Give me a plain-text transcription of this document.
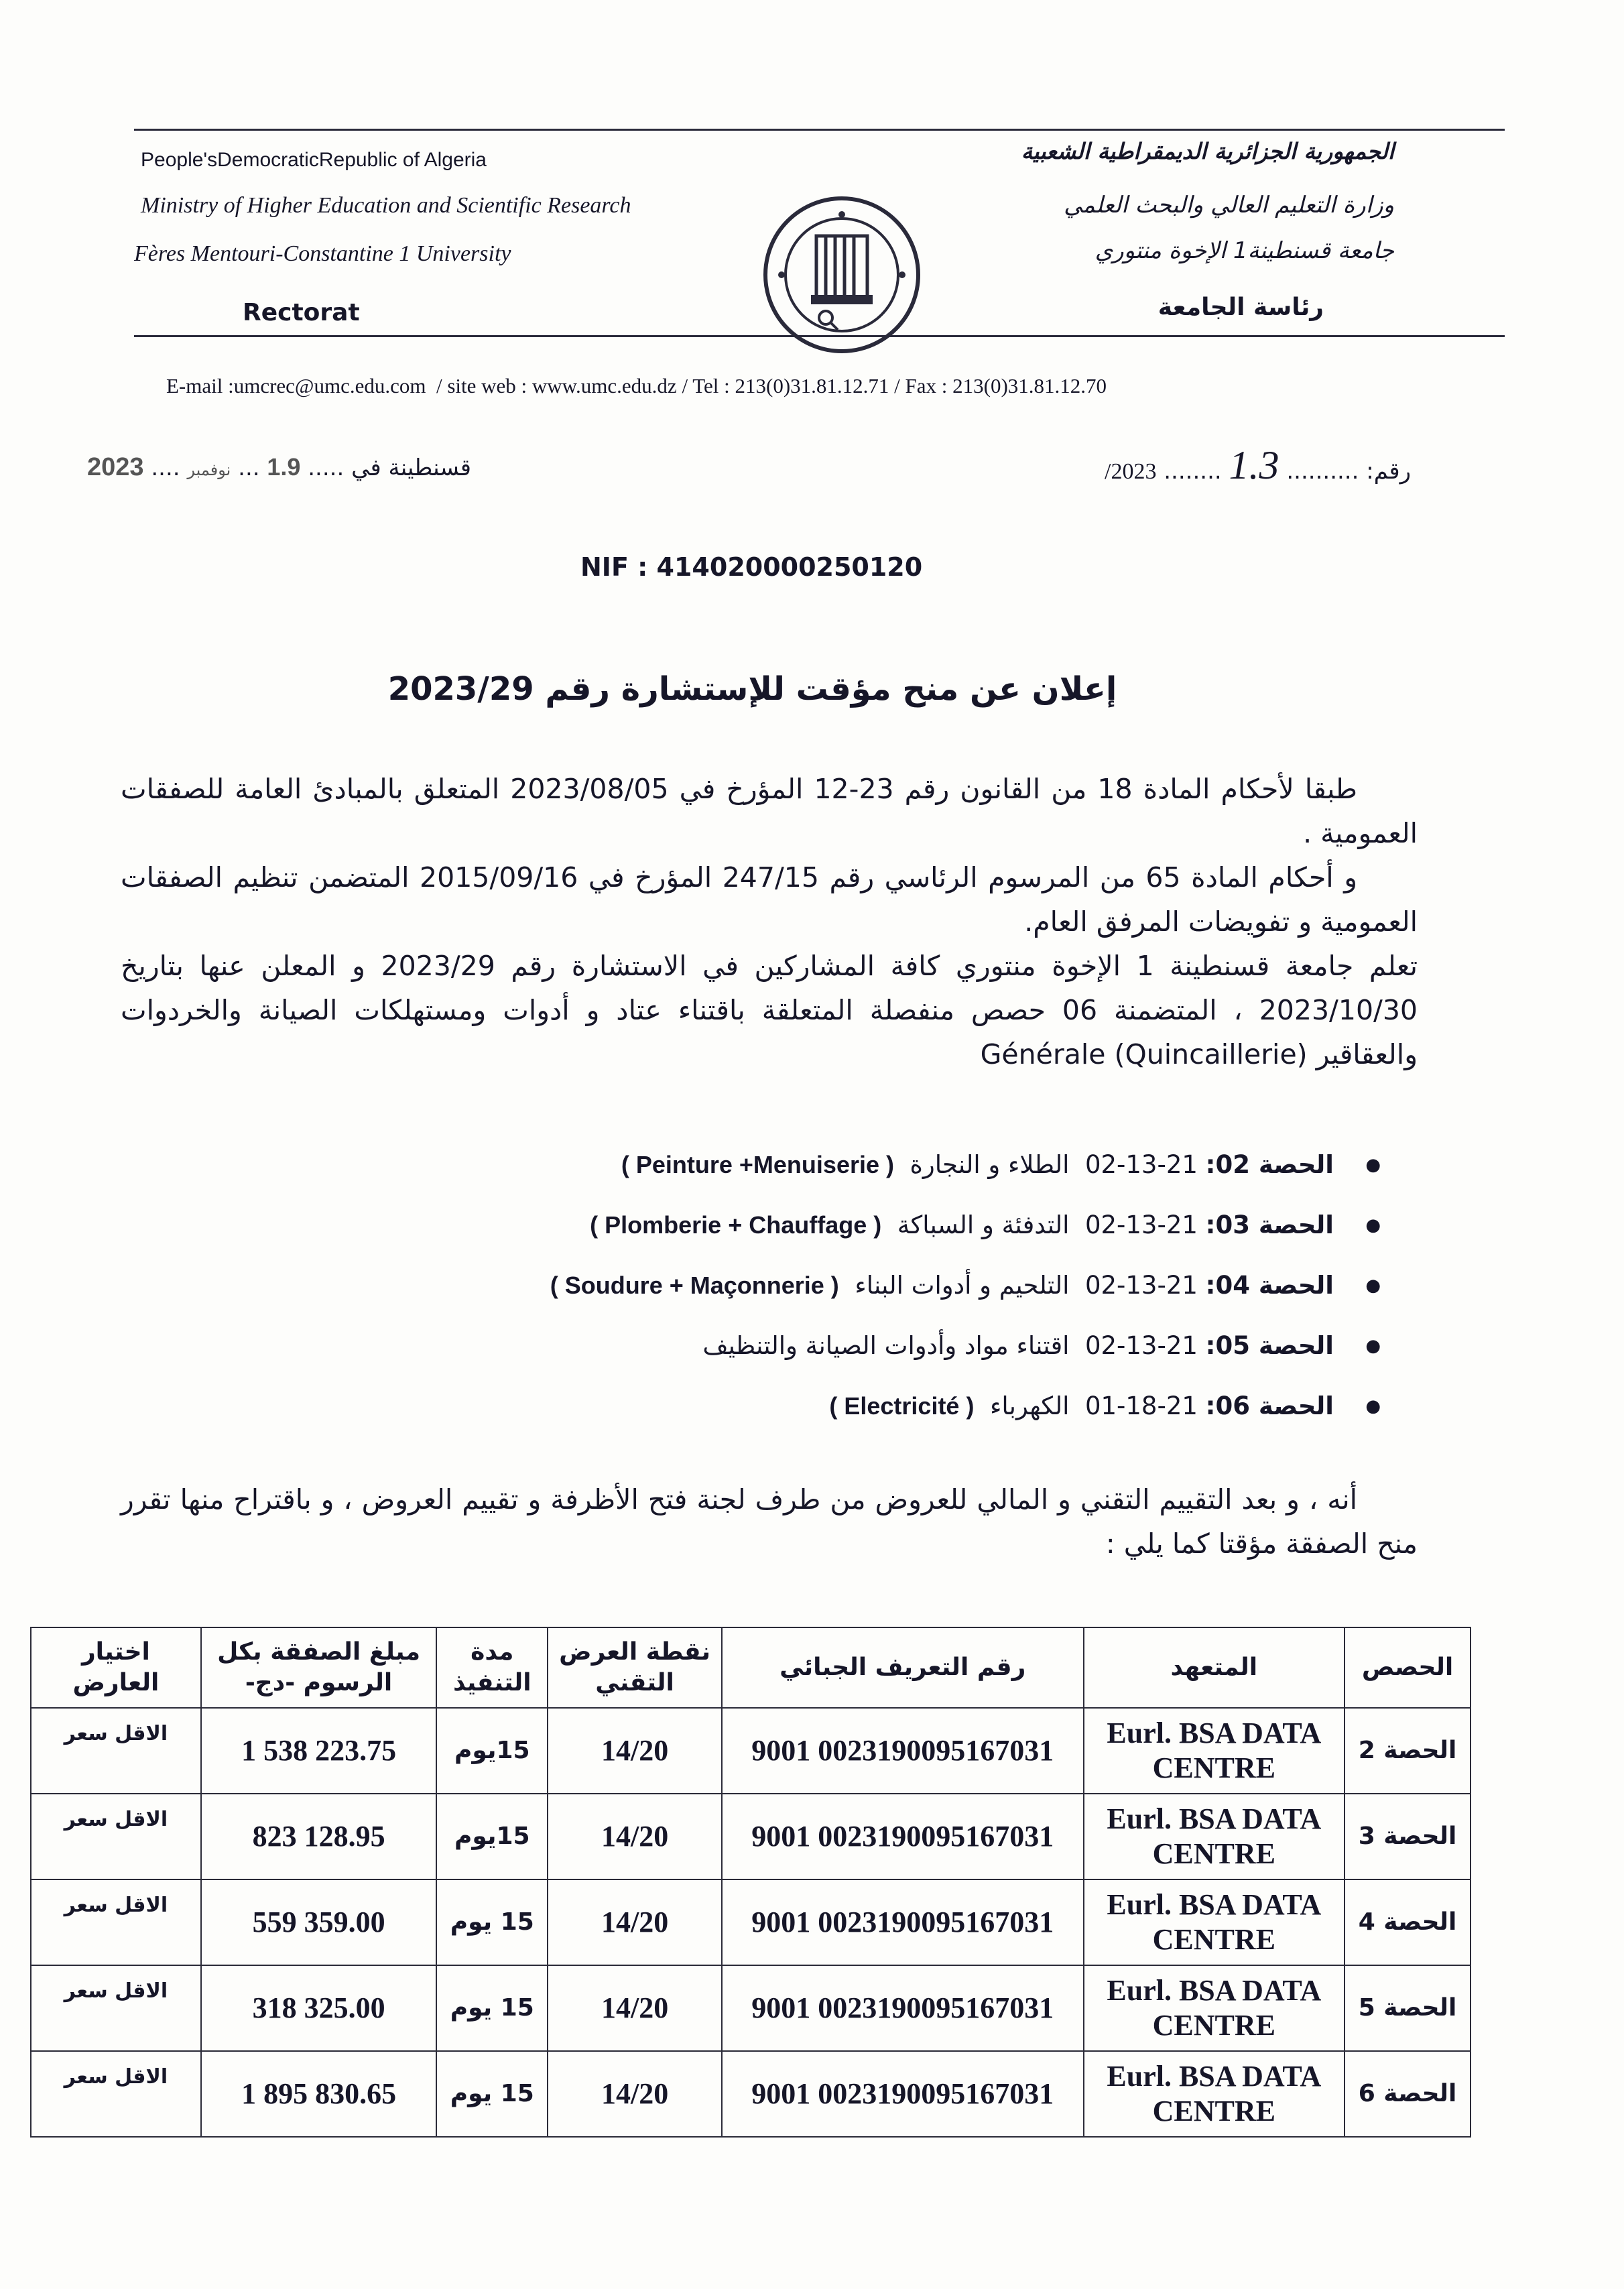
People'sDemocraticRepublic of Algeria
Ministry of Higher Education and Scientific Research
Fères Mentouri-Constantine 1 University
Rectorat
الجمهورية الجزائرية الديمقراطية الشعبية
وزارة التعليم العالي والبحث العلمي
جامعة قسنطينة1 الإخوة منتوري
رئاسة الجامعة
E-mail :umcrec@umc.edu.com  / site web : www.umc.edu.dz / Tel : 213(0)31.81.12.71 / Fax : 213(0)31.81.12.70
رقم: .......... 1.3 ........ 2023/
قسنطينة في ..... 1.9 ... نوفمبر .... 2023
NIF : 414020000250120
إعلان عن منح مؤقت للإستشارة رقم 2023/29

طبقا لأحكام المادة 18 من القانون رقم 23-12 المؤرخ في 2023/08/05 المتعلق بالمبادئ العامة للصفقات العمومية .

و أحكام المادة 65 من المرسوم الرئاسي رقم 247/15 المؤرخ في 2015/09/16 المتضمن تنظيم الصفقات العمومية و تفويضات المرفق العام.

تعلم جامعة قسنطينة 1 الإخوة منتوري كافة المشاركين في الاستشارة رقم 2023/29 و المعلن عنها بتاريخ 2023/10/30 ، المتضمنة 06 حصص منفصلة المتعلقة باقتناء عتاد و أدوات ومستهلكات الصيانة والخردوات والعقاقير (Quincaillerie) Générale

● الحصة 02: 02-13-21  الطلاء و النجارة  ( Peinture +Menuiserie )
● الحصة 03: 02-13-21  التدفئة و السباكة  ( Plomberie + Chauffage )
● الحصة 04: 02-13-21  التلحيم و أدوات البناء  ( Soudure + Maçonnerie )
● الحصة 05: 02-13-21  اقتناء مواد وأدوات الصيانة والتنظيف
● الحصة 06: 01-18-21  الكهرباء  ( Electricité )

أنه ، و بعد التقييم التقني و المالي للعروض من طرف لجنة فتح الأظرفة و تقييم العروض ، و باقتراح منها تقرر منح الصفقة مؤقتا كما يلي :

الحصص	المتعهد	رقم التعريف الجبائي	نقطة العرض التقني	مدة التنفيذ	مبلغ الصفقة بكل الرسوم -دج-	اختيار العارض
الحصة 2	Eurl. BSA DATA CENTRE	0023190095167031 9001	14/20	15يوم	1 538 223.75	الاقل سعر
الحصة 3	Eurl. BSA DATA CENTRE	0023190095167031 9001	14/20	15يوم	823 128.95	الاقل سعر
الحصة 4	Eurl. BSA DATA CENTRE	0023190095167031 9001	14/20	15 يوم	559 359.00	الاقل سعر
الحصة 5	Eurl. BSA DATA CENTRE	0023190095167031 9001	14/20	15 يوم	318 325.00	الاقل سعر
الحصة 6	Eurl. BSA DATA CENTRE	0023190095167031 9001	14/20	15 يوم	1 895 830.65	الاقل سعر
